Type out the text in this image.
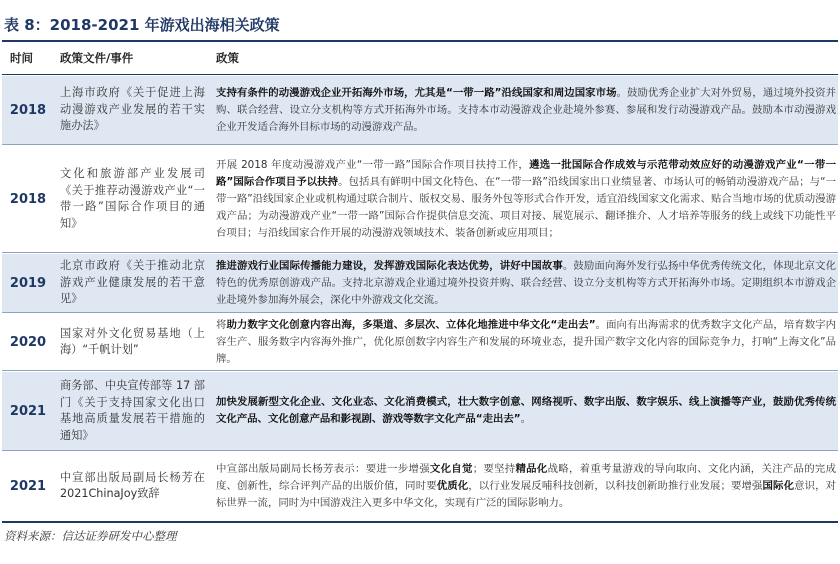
表 8：2018-2021 年游戏出海相关政策
时间 政策文件/事件	政策
2018
上海市政府《关于促进上海动漫游戏产业发展的若干实施办法》
支持有条件的动漫游戏企业开拓海外市场，尤其是“一带一路”沿线国家和周边国家市场。鼓励优秀企业扩大对外贸易，通过境外投资并购、联合经营、设立分支机构等方式开拓海外市场。支持本市动漫游戏企业赴境外参赛、参展和发行动漫游戏产品。鼓励本市动漫游戏企业开发适合海外目标市场的动漫游戏产品。
2018
文化和旅游部产业发展司《关于推荐动漫游戏产业“一带一路”国际合作项目的通知》
开展 2018 年度动漫游戏产业“一带一路”国际合作项目扶持工作，遴选一批国际合作成效与示范带动效应好的动漫游戏产业“一带一路”国际合作项目予以扶持。包括具有鲜明中国文化特色、在“一带一路”沿线国家出口业绩显著、市场认可的畅销动漫游戏产品；与“一带一路”沿线国家企业或机构通过联合制片、版权交易、服务外包等形式合作开发，适宜沿线国家文化需求、贴合当地市场的优质动漫游戏产品；为动漫游戏产业“一带一路”国际合作提供信息交流、项目对接、展览展示、翻译推介、人才培养等服务的线上或线下功能性平台项目；与沿线国家合作开展的动漫游戏领域技术、装备创新或应用项目；
2019
北京市政府《关于推动北京游戏产业健康发展的若干意见》
推进游戏行业国际传播能力建设，发挥游戏国际化表达优势，讲好中国故事。鼓励面向海外发行弘扬中华优秀传统文化，体现北京文化特色的优秀原创游戏产品。支持北京游戏企业通过境外投资并购、联合经营、设立分支机构等方式开拓海外市场。定期组织本市游戏企业赴境外参加海外展会，深化中外游戏文化交流。
2020
国家对外文化贸易基地（上海）“千帆计划”
将助力数字文化创意内容出海，多渠道、多层次、立体化地推进中华文化“走出去”。面向有出海需求的优秀数字文化产品，培育数字内容生产、服务数字内容海外推广，优化原创数字内容生产和发展的环境业态，提升国产数字文化内容的国际竞争力，打响“上海文化”品牌。
2021
商务部、中央宣传部等 17 部门《关于支持国家文化出口基地高质量发展若干措施的通知》
加快发展新型文化企业、文化业态、文化消费模式，壮大数字创意、网络视听、数字出版、数字娱乐、线上演播等产业，鼓励优秀传统文化产品、文化创意产品和影视剧、游戏等数字文化产品“走出去”。
2021
中宣部出版局副局长杨芳在2021ChinaJoy致辞
中宣部出版局副局长杨芳表示：要进一步增强文化自觉；要坚持精品化战略，着重考量游戏的导向取向、文化内涵，关注产品的完成度、创新性，综合评判产品的出版价值，同时要优质化，以行业发展反哺科技创新，以科技创新助推行业发展；要增强国际化意识，对标世界一流，同时为中国游戏注入更多中华文化，实现有广泛的国际影响力。
资料来源：信达证券研发中心整理
